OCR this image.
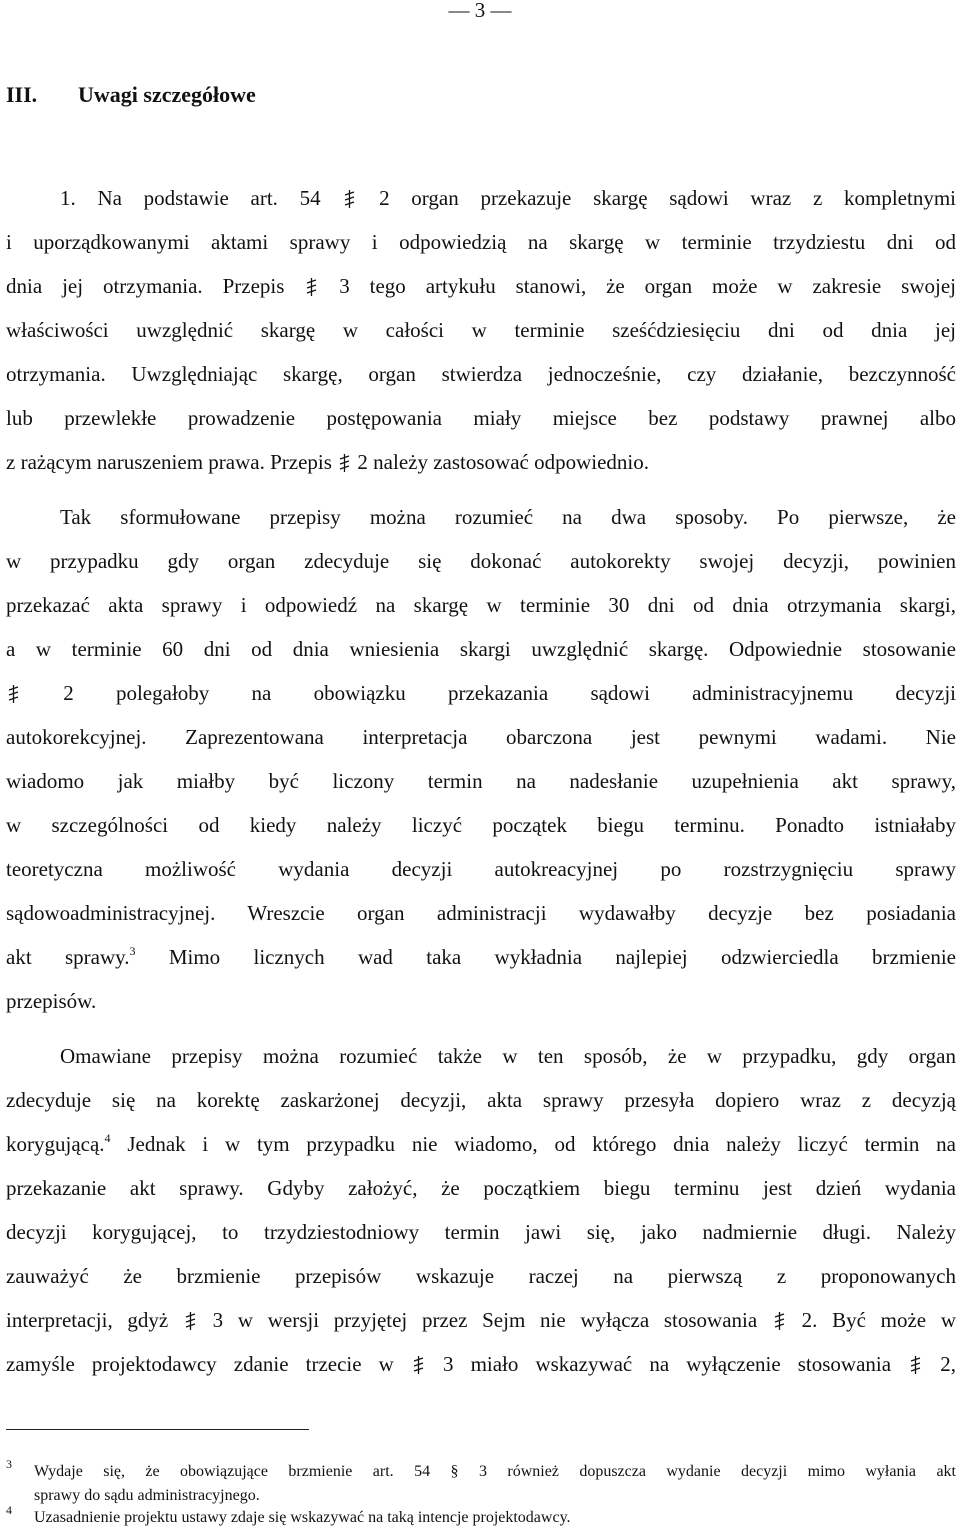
— 3 —
III. Uwagi szczegółowe
1. Na podstawie art. 54
2 organ przekazuje skargę sądowi wraz z kompletnymi
i uporządkowanymi aktami sprawy i odpowiedzią na skargę w terminie trzydziestu dni od
dnia jej otrzymania. Przepis
3 tego artykułu stanowi, że organ może w zakresie swojej
właściwości uwzględnić skargę w całości w terminie sześćdziesięciu dni od dnia jej
otrzymania. Uwzględniając skargę, organ stwierdza jednocześnie, czy działanie, bezczynność
lub przewlekłe prowadzenie postępowania miały miejsce bez podstawy prawnej albo
z rażącym naruszeniem prawa. Przepis
2 należy zastosować odpowiednio.
Tak sformułowane przepisy można rozumieć na dwa sposoby. Po pierwsze, że
w przypadku gdy organ zdecyduje się dokonać autokorekty swojej decyzji, powinien
przekazać akta sprawy i odpowiedź na skargę w terminie 30 dni od dnia otrzymania skargi,
a w terminie 60 dni od dnia wniesienia skargi uwzględnić skargę. Odpowiednie stosowanie
2 polegałoby na obowiązku przekazania sądowi administracyjnemu decyzji
autokorekcyjnej. Zaprezentowana interpretacja obarczona jest pewnymi wadami. Nie
wiadomo jak miałby być liczony termin na nadesłanie uzupełnienia akt sprawy,
w szczególności od kiedy należy liczyć początek biegu terminu. Ponadto istniałaby
teoretyczna możliwość wydania decyzji autokreacyjnej po rozstrzygnięciu sprawy
sądowoadministracyjnej. Wreszcie organ administracji wydawałby decyzje bez posiadania
akt sprawy.$^3$ Mimo licznych wad taka wykładnia najlepiej odzwierciedla brzmienie
przepisów.
Omawiane przepisy można rozumieć także w ten sposób, że w przypadku, gdy organ
zdecyduje się na korektę zaskarżonej decyzji, akta sprawy przesyła dopiero wraz z decyzją
korygującą.$^4$ Jednak i w tym przypadku nie wiadomo, od którego dnia należy liczyć termin na
przekazanie akt sprawy. Gdyby założyć, że początkiem biegu terminu jest dzień wydania
decyzji korygującej, to trzydziestodniowy termin jawi się, jako nadmiernie długi. Należy
zauważyć że brzmienie przepisów wskazuje raczej na pierwszą z proponowanych
interpretacji, gdyż
3 w wersji przyjętej przez Sejm nie wyłącza stosowania
2. Być może w
zamyśle projektodawcy zdanie trzecie w
3 miało wskazywać na wyłączenie stosowania
2,
3 Wydaje się, że obowiązujące brzmienie art. 54 § 3 również dopuszcza wydanie decyzji mimo wyłania akt
sprawy do sądu administracyjnego.
4 Uzasadnienie projektu ustawy zdaje się wskazywać na taką intencje projektodawcy.
